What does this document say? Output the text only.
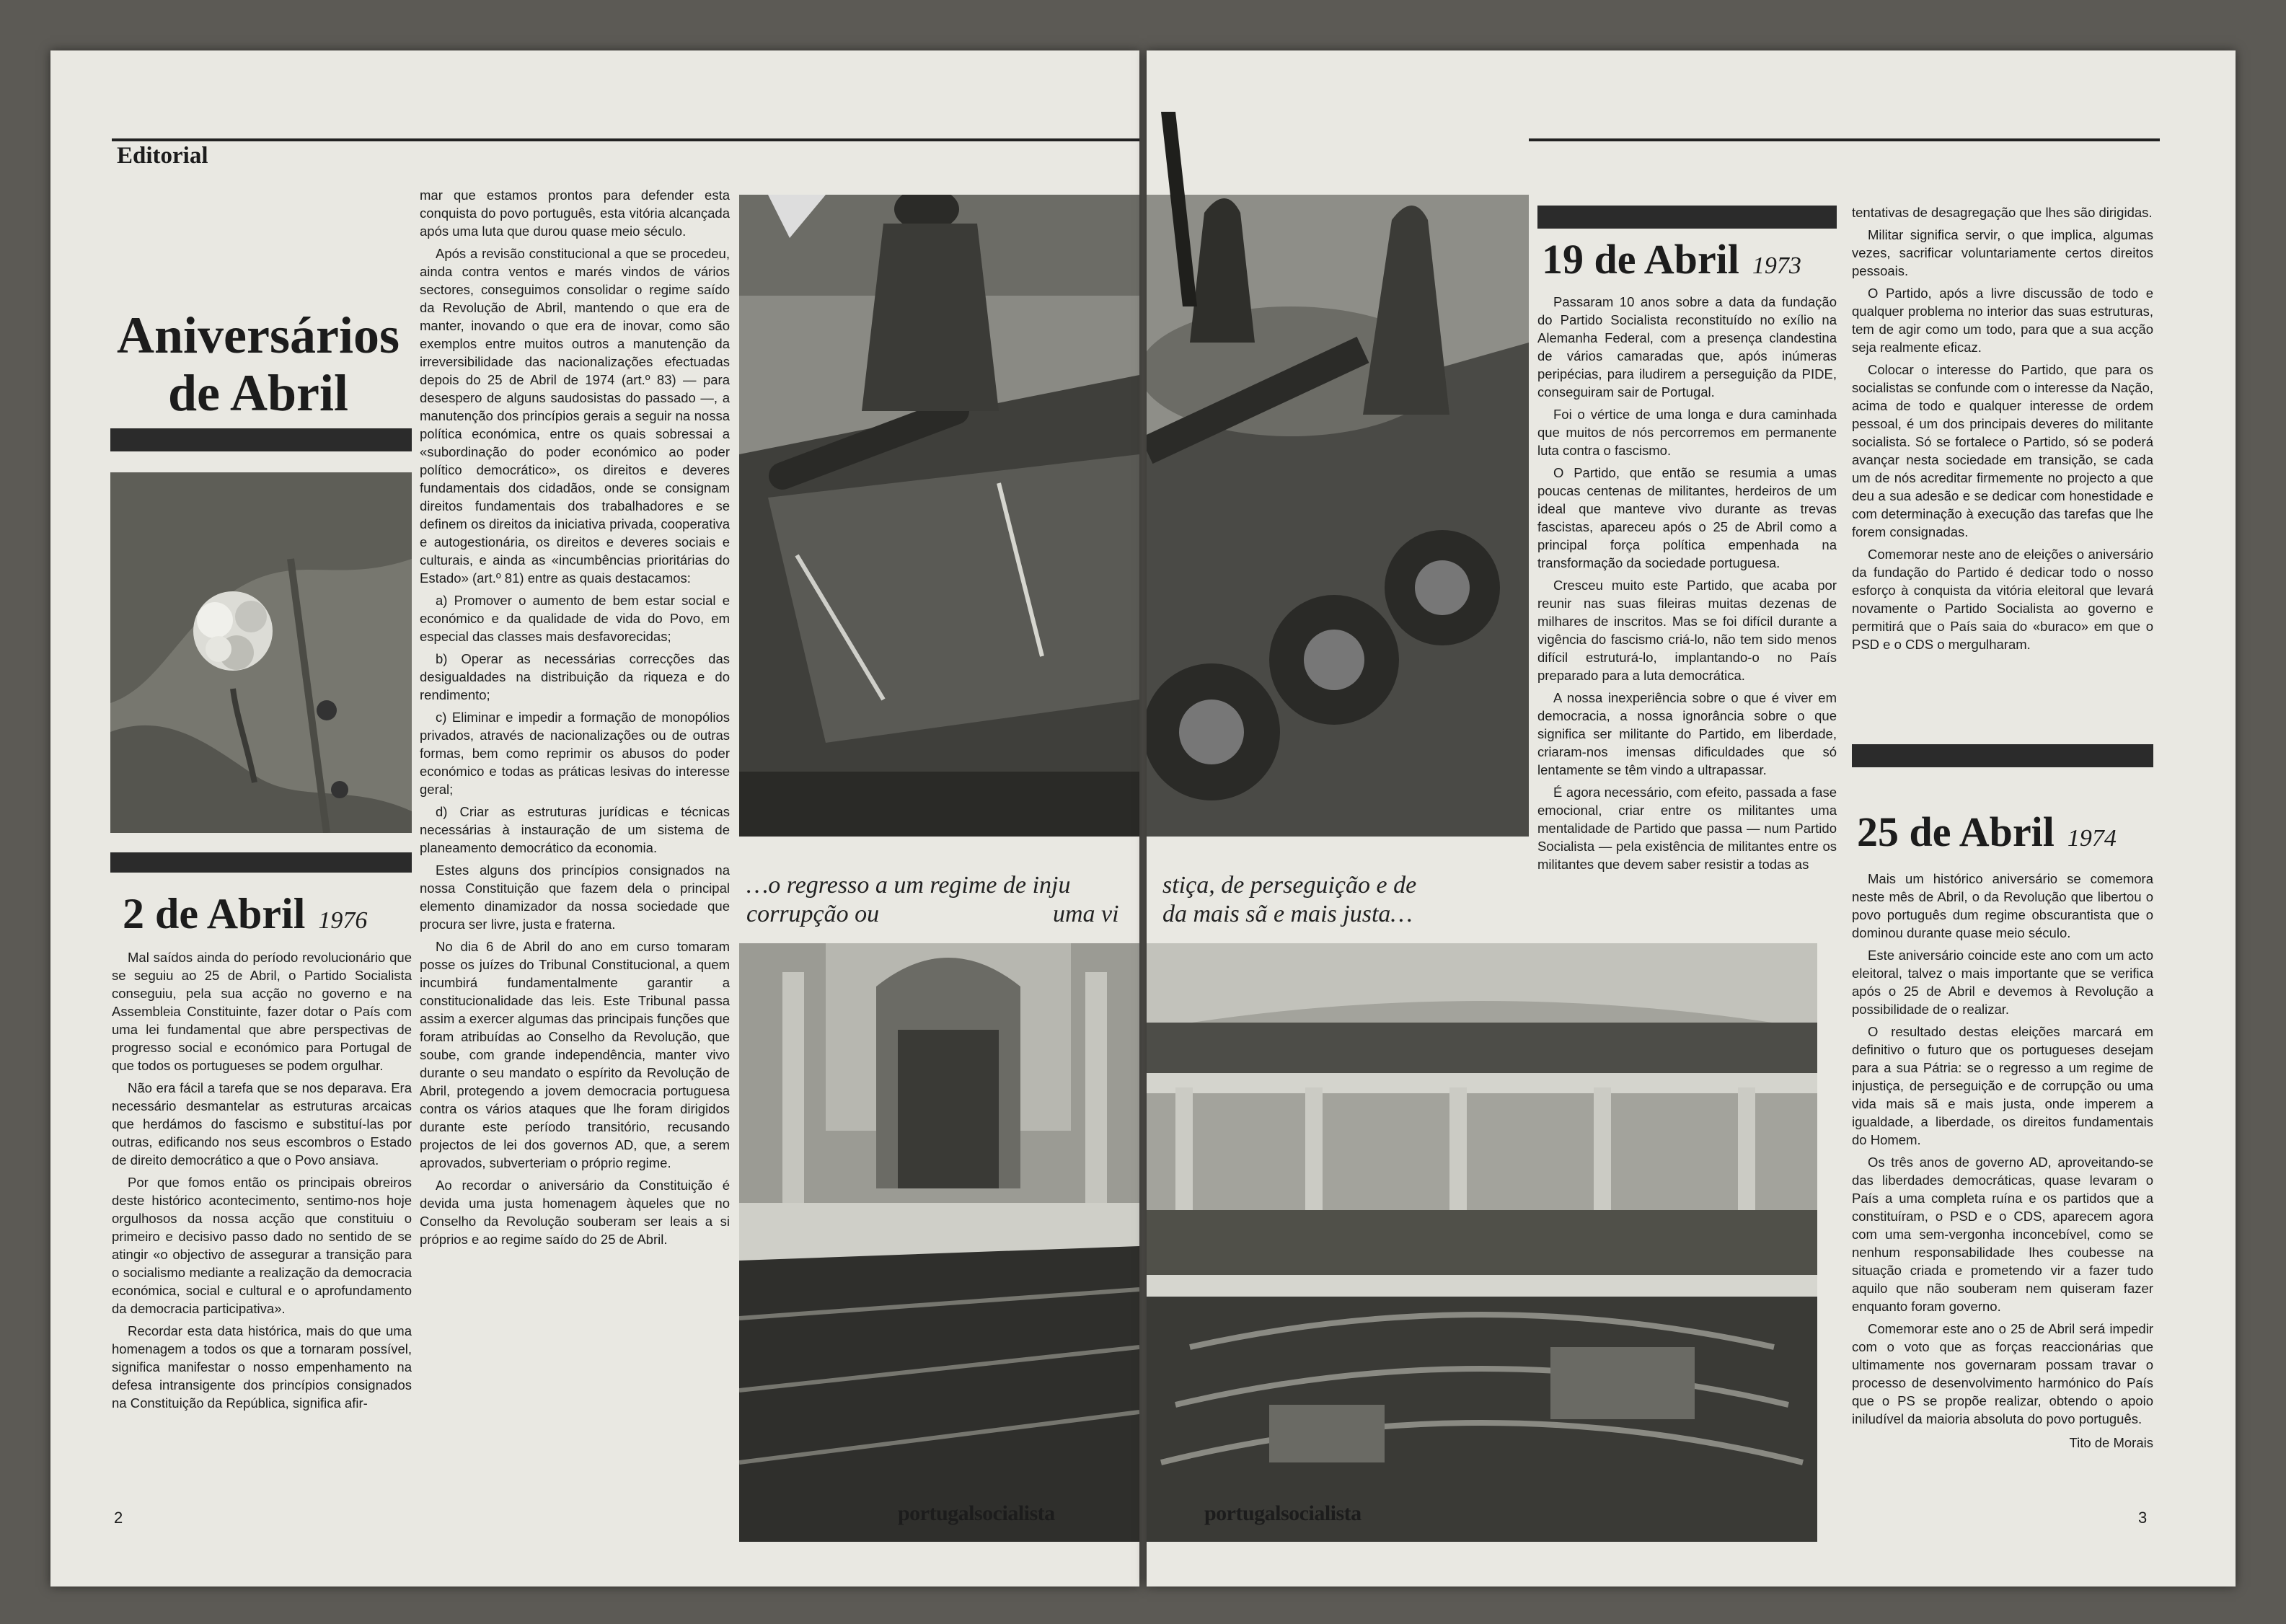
Editorial
Aniversários
de Abril
2 de Abril 1976

Mal saídos ainda do período revolucionário que se seguiu ao 25 de Abril, o Partido Socialista conseguiu, pela sua acção no governo e na Assembleia Constituinte, fazer dotar o País com uma lei fundamental que abre perspectivas de progresso social e económico para Portugal de que todos os portugueses se podem orgulhar.

Não era fácil a tarefa que se nos deparava. Era necessário desmantelar as estruturas arcaicas que herdámos do fascismo e substituí-las por outras, edificando nos seus escombros o Estado de direito democrático a que o Povo ansiava.

Por que fomos então os principais obreiros deste histórico acontecimento, sentimo-nos hoje orgulhosos da nossa acção que constituiu o primeiro e decisivo passo dado no sentido de se atingir «o objectivo de assegurar a transição para o socialismo mediante a realização da democracia económica, social e cultural e o aprofundamento da democracia participativa».

Recordar esta data histórica, mais do que uma homenagem a todos os que a tornaram possível, significa manifestar o nosso empenhamento na defesa intransigente dos princípios consignados na Constituição da República, significa afir-

mar que estamos prontos para defender esta conquista do povo português, esta vitória alcançada após uma luta que durou quase meio século.

Após a revisão constitucional a que se procedeu, ainda contra ventos e marés vindos de vários sectores, conseguimos consolidar o regime saído da Revolução de Abril, mantendo o que era de manter, inovando o que era de inovar, como são exemplos entre muitos outros a manutenção da irreversibilidade das nacionalizações efectuadas depois do 25 de Abril de 1974 (art.º 83) — para desespero de alguns saudosistas do passado —, a manutenção dos princípios gerais a seguir na nossa política económica, entre os quais sobressai a «subordinação do poder económico ao poder político democrático», os direitos e deveres fundamentais dos cidadãos, onde se consignam direitos fundamentais dos trabalhadores e se definem os direitos da iniciativa privada, cooperativa e autogestionária, os direitos e deveres sociais e culturais, e ainda as «incumbências prioritárias do Estado» (art.º 81) entre as quais destacamos:

a) Promover o aumento de bem estar social e económico e da qualidade de vida do Povo, em especial das classes mais desfavorecidas;

b) Operar as necessárias correcções das desigualdades na distribuição da riqueza e do rendimento;

c) Eliminar e impedir a formação de monopólios privados, através de nacionalizações ou de outras formas, bem como reprimir os abusos do poder económico e todas as práticas lesivas do interesse geral;

d) Criar as estruturas jurídicas e técnicas necessárias à instauração de um sistema de planeamento democrático da economia.

Estes alguns dos princípios consignados na nossa Constituição que fazem dela o principal elemento dinamizador da nossa sociedade que procura ser livre, justa e fraterna.

No dia 6 de Abril do ano em curso tomaram posse os juízes do Tribunal Constitucional, a quem incumbirá fundamentalmente garantir a constitucionalidade das leis. Este Tribunal passa assim a exercer algumas das principais funções que foram atribuídas ao Conselho da Revolução, que soube, com grande independência, manter vivo durante o seu mandato o espírito da Revolução de Abril, protegendo a jovem democracia portuguesa contra os vários ataques que lhe foram dirigidos durante este período transitório, recusando projectos de lei dos governos AD, que, a serem aprovados, subverteriam o próprio regime.

Ao recordar o aniversário da Constituição é devida uma justa homenagem àqueles que no Conselho da Revolução souberam ser leais a si próprios e ao regime saído do 25 de Abril.

…o regresso a um regime de inju
corrupção ou	uma vi
2	portugalsocialista
stiça, de perseguição e de
da mais sã e mais justa…
19 de Abril 1973

Passaram 10 anos sobre a data da fundação do Partido Socialista reconstituído no exílio na Alemanha Federal, com a presença clandestina de vários camaradas que, após inúmeras peripécias, para iludirem a perseguição da PIDE, conseguiram sair de Portugal.

Foi o vértice de uma longa e dura caminhada que muitos de nós percorremos em permanente luta contra o fascismo.

O Partido, que então se resumia a umas poucas centenas de militantes, herdeiros de um ideal que manteve vivo durante as trevas fascistas, apareceu após o 25 de Abril como a principal força política empenhada na transformação da sociedade portuguesa.

Cresceu muito este Partido, que acaba por reunir nas suas fileiras muitas dezenas de milhares de inscritos. Mas se foi difícil durante a vigência do fascismo criá-lo, não tem sido menos difícil estruturá-lo, implantando-o no País preparado para a luta democrática.

A nossa inexperiência sobre o que é viver em democracia, a nossa ignorância sobre o que significa ser militante do Partido, em liberdade, criaram-nos imensas dificuldades que só lentamente se têm vindo a ultrapassar.

É agora necessário, com efeito, passada a fase emocional, criar entre os militantes uma mentalidade de Partido que passa — num Partido Socialista — pela existência de militantes entre os militantes que devem saber resistir a todas as

tentativas de desagregação que lhes são dirigidas.

Militar significa servir, o que implica, algumas vezes, sacrificar voluntariamente certos direitos pessoais.

O Partido, após a livre discussão de todo e qualquer problema no interior das suas estruturas, tem de agir como um todo, para que a sua acção seja realmente eficaz.

Colocar o interesse do Partido, que para os socialistas se confunde com o interesse da Nação, acima de todo e qualquer interesse de ordem pessoal, é um dos principais deveres do militante socialista. Só se fortalece o Partido, só se poderá avançar nesta sociedade em transição, se cada um de nós acreditar firmemente no projecto a que deu a sua adesão e se dedicar com honestidade e com determinação à execução das tarefas que lhe forem consignadas.

Comemorar neste ano de eleições o aniversário da fundação do Partido é dedicar todo o nosso esforço à conquista da vitória eleitoral que levará novamente o Partido Socialista ao governo e permitirá que o País saia do «buraco» em que o PSD e o CDS o mergulharam.

25 de Abril 1974

Mais um histórico aniversário se comemora neste mês de Abril, o da Revolução que libertou o povo português dum regime obscurantista que o dominou durante quase meio século.

Este aniversário coincide este ano com um acto eleitoral, talvez o mais importante que se verifica após o 25 de Abril e devemos à Revolução a possibilidade de o realizar.

O resultado destas eleições marcará em definitivo o futuro que os portugueses desejam para a sua Pátria: se o regresso a um regime de injustiça, de perseguição e de corrupção ou uma vida mais sã e mais justa, onde imperem a igualdade, a liberdade, os direitos fundamentais do Homem.

Os três anos de governo AD, aproveitando-se das liberdades democráticas, quase levaram o País a uma completa ruína e os partidos que a constituíram, o PSD e o CDS, aparecem agora com uma sem-vergonha inconcebível, como se nenhum responsabilidade lhes coubesse na situação criada e prometendo vir a fazer tudo aquilo que não souberam nem quiseram fazer enquanto foram governo.

Comemorar este ano o 25 de Abril será impedir com o voto que as forças reaccionárias que ultimamente nos governaram possam travar o processo de desenvolvimento harmónico do País que o PS se propõe realizar, obtendo o apoio iniludível da maioria absoluta do povo português.

Tito de Morais

portugalsocialista	3
